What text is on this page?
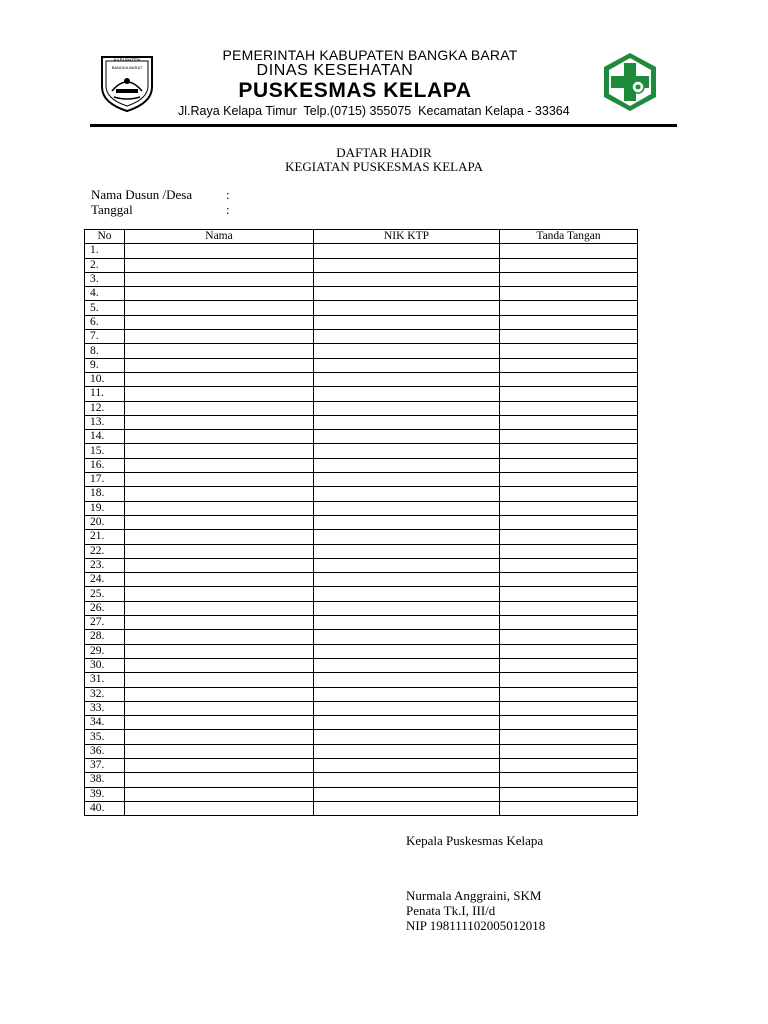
KABUPATEN
BANGKA BARAT
PEMERINTAH KABUPATEN BANGKA BARAT
DINAS KESEHATAN
PUSKESMAS KELAPA
Jl.Raya Kelapa Timur  Telp.(0715) 355075  Kecamatan Kelapa - 33364
DAFTAR HADIR
KEGIATAN PUSKESMAS KELAPA
Nama Dusun /Desa	:
Tanggal	:
No	Nama	NIK KTP	Tanda Tangan
1.			
2.			
3.			
4.			
5.			
6.			
7.			
8.			
9.			
10.			
11.			
12.			
13.			
14.			
15.			
16.			
17.			
18.			
19.			
20.			
21.			
22.			
23.			
24.			
25.			
26.			
27.			
28.			
29.			
30.			
31.			
32.			
33.			
34.			
35.			
36.			
37.			
38.			
39.			
40.			
Kepala Puskesmas Kelapa
Nurmala Anggraini, SKM
Penata Tk.I, III/d
NIP 198111102005012018
